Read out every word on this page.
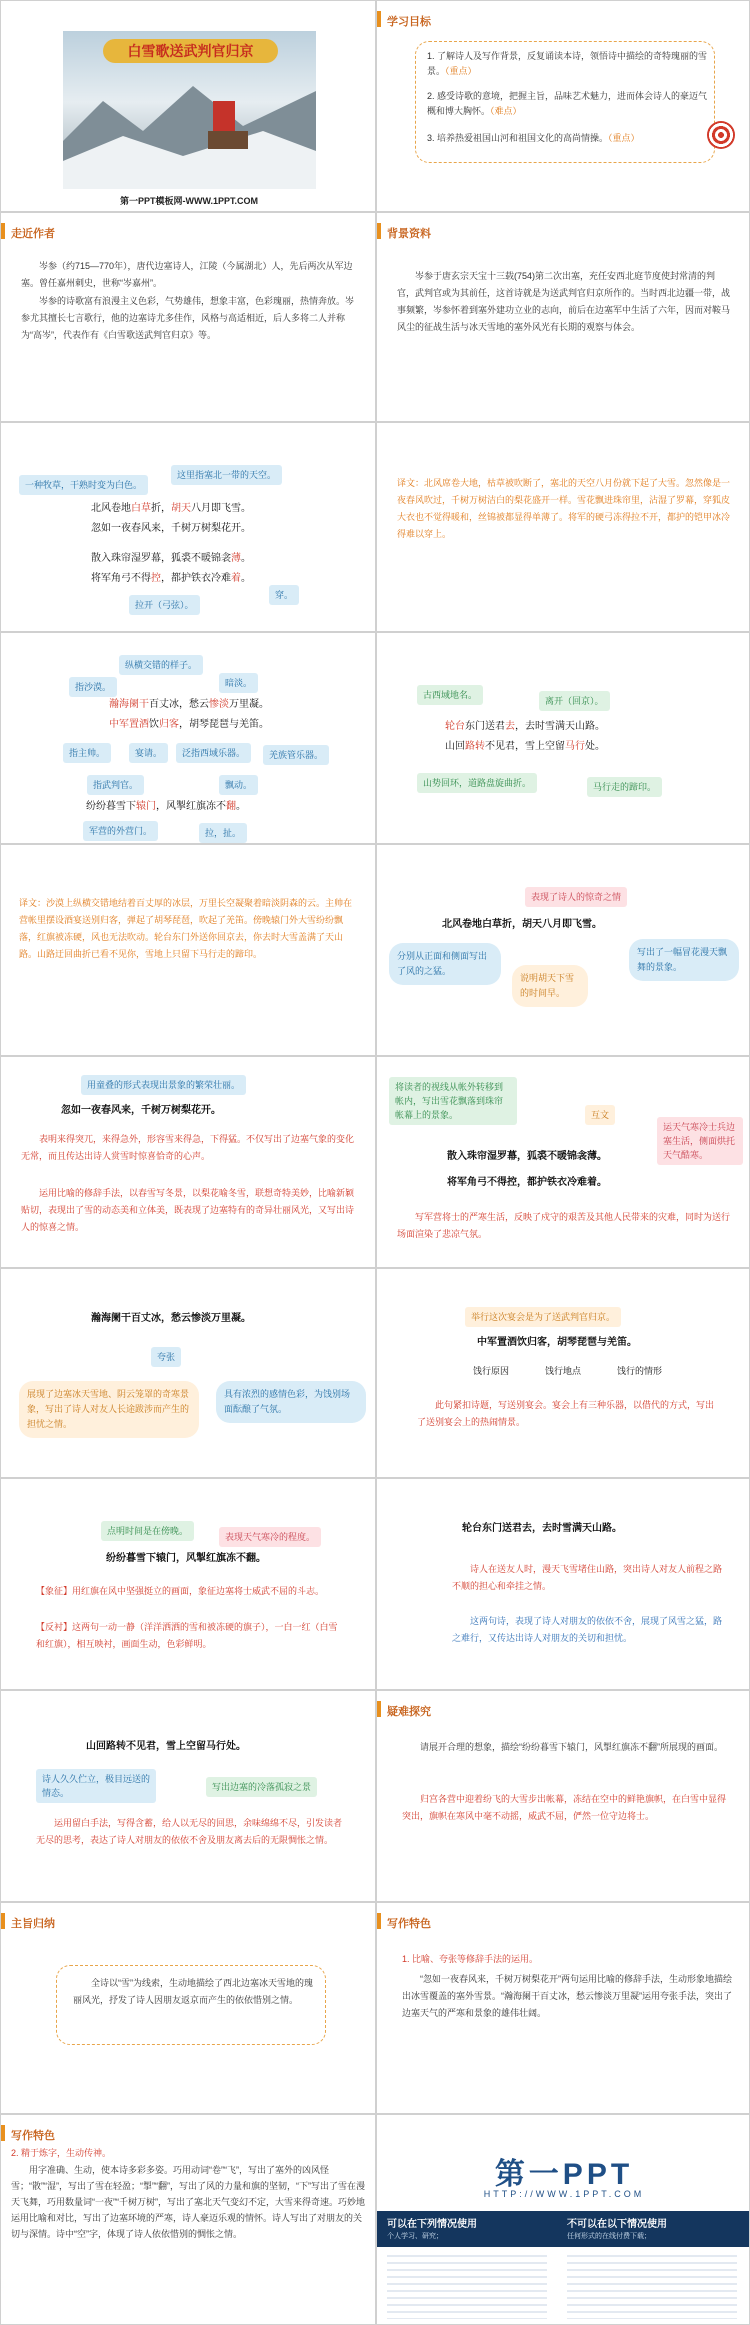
白雪歌送武判官归京
第一PPT模板网-WWW.1PPT.COM
学习目标
1. 了解诗人及写作背景，反复诵读本诗，领悟诗中描绘的奇特瑰丽的雪景。（重点）
2. 感受诗歌的意境，把握主旨，品味艺术魅力，进而体会诗人的豪迈气概和博大胸怀。（难点）
3. 培养热爱祖国山河和祖国文化的高尚情操。（重点）
走近作者
岑参（约715—770年），唐代边塞诗人，江陵（今属湖北）人，先后两次从军边塞。曾任嘉州刺史，世称“岑嘉州”。
岑参的诗歌富有浪漫主义色彩，气势雄伟，想象丰富，色彩瑰丽，热情奔放。岑参尤其擅长七言歌行，他的边塞诗尤多佳作，风格与高适相近，后人多将二人并称为“高岑”，代表作有《白雪歌送武判官归京》等。
背景资料
岑参于唐玄宗天宝十三载(754)第二次出塞，充任安西北庭节度使封常清的判官，武判官或为其前任，这首诗就是为送武判官归京所作的。当时西北边疆一带，战事频繁，岑参怀着到塞外建功立业的志向，前后在边塞军中生活了六年，因而对鞍马风尘的征战生活与冰天雪地的塞外风光有长期的观察与体会。
一种牧草，干熟时变为白色。
这里指塞北一带的天空。
北风卷地白草折，胡天八月即飞雪。
忽如一夜春风来，千树万树梨花开。
散入珠帘湿罗幕，狐裘不暖锦衾薄。
将军角弓不得控，都护铁衣冷难着。
拉开（弓弦）。
穿。
译文：北风席卷大地，枯草被吹断了，塞北的天空八月份就下起了大雪。忽然像是一夜春风吹过，千树万树洁白的梨花盛开一样。雪花飘进珠帘里，沾湿了罗幕，穿狐皮大衣也不觉得暖和，丝锦被都显得单薄了。将军的硬弓冻得拉不开，都护的铠甲冰冷得难以穿上。
纵横交错的样子。
指沙漠。	暗淡。
瀚海阑干百丈冰，愁云惨淡万里凝。
中军置酒饮归客，胡琴琵琶与羌笛。
指主帅。	宴请。	泛指西域乐器。	羌族管乐器。
指武判官。	飘动。
纷纷暮雪下辕门，风掣红旗冻不翻。
军营的外营门。	拉，扯。
古西域地名。
离开（回京）。
轮台东门送君去，去时雪满天山路。
山回路转不见君，雪上空留马行处。
山势回环，道路盘旋曲折。	马行走的蹄印。
译文：沙漠上纵横交错地结着百丈厚的冰层，万里长空凝聚着暗淡阴森的云。主帅在营帐里摆设酒宴送别归客，弹起了胡琴琵琶，吹起了羌笛。傍晚辕门外大雪纷纷飘落，红旗被冻硬，风也无法吹动。轮台东门外送你回京去，你去时大雪盖满了天山路。山路迂回曲折已看不见你，雪地上只留下马行走的蹄印。
表现了诗人的惊奇之情
北风卷地白草折，胡天八月即飞雪。
分别从正面和侧面写出了风的之猛。
说明胡天下雪的时间早。
写出了一幅冒花漫天飘舞的景象。
用童叠的形式表现出景象的繁荣壮丽。
忽如一夜春风来，千树万树梨花开。
表明来得突兀，来得急外，形容雪来得急，下得猛。不仅写出了边塞气象的变化无常，而且传达出诗人赏雪时惊喜恰奇的心声。
运用比喻的修辞手法，以春雪写冬景，以梨花喻冬雪，联想奇特美妙，比喻新颖贴切，表现出了雪的动态美和立体美，既表现了边塞特有的奇异壮丽风光，又写出诗人的惊喜之情。
将读者的视线从帐外转移到帐内，写出雪花飘落到珠帘帐幕上的景象。	互文
散入珠帘湿罗幕，狐裘不暖锦衾薄。
将军角弓不得控，都护铁衣冷难着。
运天气寒冷士兵边塞生活，侧面烘托天气酷寒。
写军营将士的严寒生活，反映了戍守的艰苦及其他人民带来的灾难，同时为送行场面渲染了悲凉气氛。
瀚海阑干百丈冰，愁云惨淡万里凝。
夸张
展现了边塞冰天雪地、阴云笼罩的奇寒景象，写出了诗人对友人长途跋涉而产生的担忧之情。
具有浓烈的感情色彩，为饯别场面酝酿了气氛。
举行这次宴会是为了送武判官归京。
中军置酒饮归客，胡琴琵琶与羌笛。
饯行原因	饯行地点	饯行的情形
此句紧扣诗题，写送别宴会。宴会上有三种乐器，以借代的方式，写出了送别宴会上的热闹情景。
点明时间是在傍晚。
表现天气寒冷的程度。
纷纷暮雪下辕门，风掣红旗冻不翻。
【象征】用红旗在风中坚强挺立的画面，象征边塞将士威武不屈的斗志。
【反衬】这两句一动一静（洋洋洒洒的雪和被冻硬的旗子），一白一红（白雪和红旗），相互映衬，画面生动，色彩鲜明。
轮台东门送君去，去时雪满天山路。
诗人在送友人时，漫天飞雪堵住山路，突出诗人对友人前程之路不顺的担心和牵挂之情。
这两句诗，表现了诗人对朋友的依依不舍，展现了风雪之猛，路之难行，又传达出诗人对朋友的关切和担忧。
山回路转不见君，雪上空留马行处。
诗人久久伫立，极目远送的情态。
写出边塞的冷落孤寂之景
运用留白手法，写得含蓄，给人以无尽的回思，余味绵绵不尽，引发读者无尽的思考，表达了诗人对朋友的依依不舍及朋友离去后的无限惆怅之情。
疑难探究
请展开合理的想象，描绘“纷纷暮雪下辕门，风掣红旗冻不翻”所展现的画面。
归宫各营中迎着纷飞的大雪步出帐幕，冻结在空中的鲜艳旗帜，在白雪中显得突出，旗帜在寒风中毫不动摇，威武不屈，俨然一位守边将士。
主旨归纳
全诗以“雪”为线索，生动地描绘了西北边塞冰天雪地的瑰丽风光，抒发了诗人因朋友返京而产生的依依惜别之情。
写作特色
1. 比喻、夸张等修辞手法的运用。
“忽如一夜春风来，千树万树梨花开”两句运用比喻的修辞手法，生动形象地描绘出冰雪覆盖的塞外雪景。“瀚海阑干百丈冰，愁云惨淡万里凝”运用夸张手法，突出了边塞天气的严寒和景象的雄伟壮阔。
写作特色
2. 精于炼字，生动传神。
用字准确、生动，使本诗多彩多姿。巧用动词“卷”“飞”，写出了塞外的凶风怪雪；“散”“湿”，写出了雪在轻盈；“掣”“翻”，写出了风的力量和旗的坚韧，“下”写出了雪在漫天飞舞，巧用数量词“一夜”“千树万树”，写出了塞北天气变幻不定，大雪来得奇速。巧妙地运用比喻和对比，写出了边塞环境的严寒，诗人豪迈乐观的情怀。诗人写出了对朋友的关切与深情。诗中“空”字，体现了诗人依依惜别的惆怅之情。
第一PPT
HTTP://WWW.1PPT.COM
可以在下列情况使用
个人学习、研究；
不可以在以下情况使用
任何形式的在线付费下载；
